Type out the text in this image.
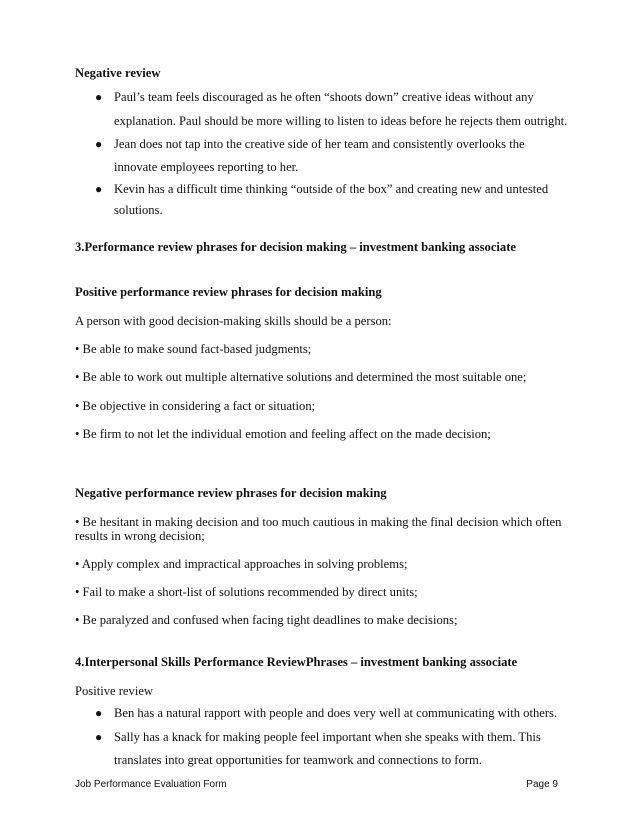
Negative review
● Paul’s team feels discouraged as he often “shoots down” creative ideas without any
explanation. Paul should be more willing to listen to ideas before he rejects them outright.
● Jean does not tap into the creative side of her team and consistently overlooks the
innovate employees reporting to her.
● Kevin has a difficult time thinking “outside of the box” and creating new and untested
solutions.
3.Performance review phrases for decision making – investment banking associate
Positive performance review phrases for decision making
A person with good decision-making skills should be a person:
• Be able to make sound fact-based judgments;
• Be able to work out multiple alternative solutions and determined the most suitable one;
• Be objective in considering a fact or situation;
• Be firm to not let the individual emotion and feeling affect on the made decision;
Negative performance review phrases for decision making
• Be hesitant in making decision and too much cautious in making the final decision which often
results in wrong decision;
• Apply complex and impractical approaches in solving problems;
• Fail to make a short-list of solutions recommended by direct units;
• Be paralyzed and confused when facing tight deadlines to make decisions;
4.Interpersonal Skills Performance ReviewPhrases – investment banking associate
Positive review
● Ben has a natural rapport with people and does very well at communicating with others.
● Sally has a knack for making people feel important when she speaks with them. This
translates into great opportunities for teamwork and connections to form.
Job Performance Evaluation Form	Page 9
